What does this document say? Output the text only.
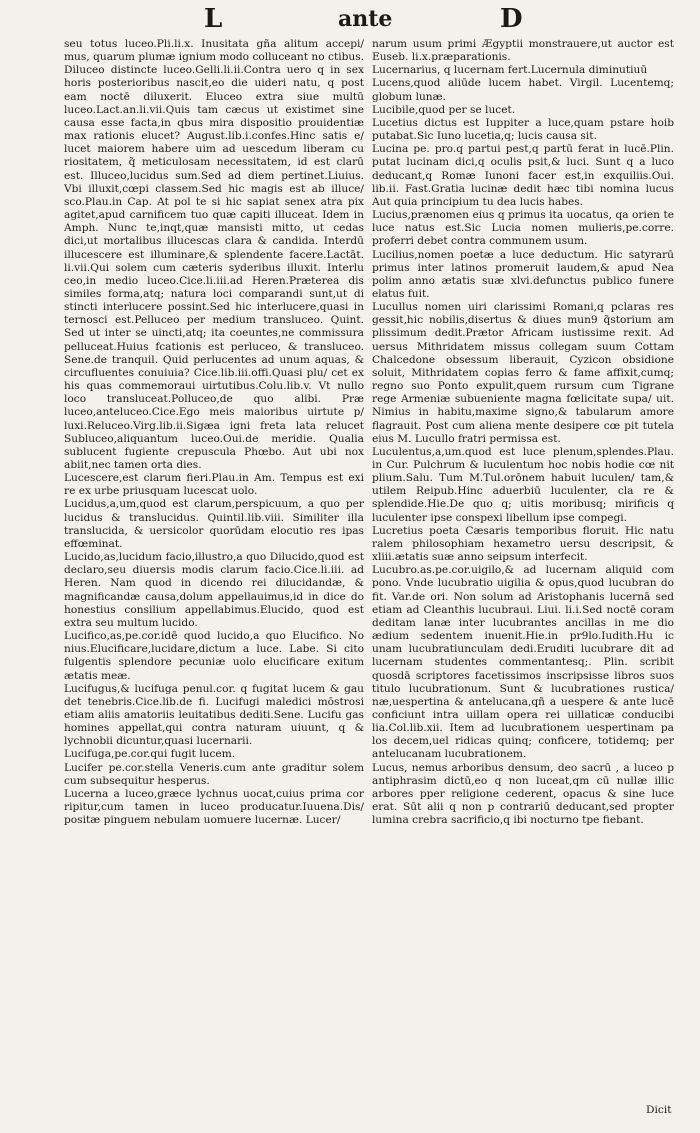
L	ante	D

seu totus luceo.Pli.li.x. Inusitata gña alitum accepi/ mus, quarum plumæ ignium modo colluceant no ctibus. Diluceo distincte luceo.Gelli.li.ii.Contra uero q in sex horis posterioribus nascit,eo die uideri natu, q post eam noctē diluxerit. Eluceo extra siue multū luceo.Lact.an.li.vii.Quis tam cæcus ut existimet sine causa esse facta,in qbus mira dispositio prouidentiæ max rationis elucet? August.lib.i.confes.Hinc satis e/ lucet maiorem habere uim ad uescedum liberam cu riositatem, q̃ meticulosam necessitatem, id est clarū est. Illuceo,lucidus sum.Sed ad diem pertinet.Liuius. Vbi illuxit,cœpi classem.Sed hic magis est ab illuce/ sco.Plau.in Cap. At pol te si hic sapiat senex atra pix agitet,apud carnificem tuo quæ capiti illuceat. Idem in Amph. Nunc te,inqt,quæ mansisti mitto, ut cedas dici,ut mortalibus illucescas clara & candida. Interdū illucescere est illuminare,& splendente facere.Lactāt. li.vii.Qui solem cum cæteris syderibus illuxit. Interlu ceo,in medio luceo.Cice.li.iii.ad Heren.Præterea dis similes forma,atq; natura loci comparandi sunt,ut di stincti interlucere possint.Sed hic interlucere,quasi in ternosci est.Pelluceo per medium transluceo. Quint. Sed ut inter se uincti,atq; ita coeuntes,ne commissura pelluceat.Huius fcationis est perluceo, & transluceo. Sene.de tranquil. Quid perlucentes ad unum aquas, & circufluentes conuiuia? Cice.lib.iii.offi.Quasi plu/ cet ex his quas commemoraui uirtutibus.Colu.lib.v. Vt nullo loco transluceat.Polluceo,de quo alibi. Præ luceo,anteluceo.Cice.Ego meis maioribus uirtute p/ luxi.Reluceo.Virg.lib.ii.Sigæa igni freta lata relucet Subluceo,aliquantum luceo.Oui.de meridie. Qualia sublucent fugiente crepuscula Phœbo. Aut ubi nox abiit,nec tamen orta dies.

Lucescere,est clarum fieri.Plau.in Am. Tempus est exi re ex urbe priusquam lucescat uolo.

Lucidus,a,um,quod est clarum,perspicuum, a quo per lucidus & translucidus. Quintil.lib.viii. Similiter illa translucida, & uersicolor quorūdam elocutio res ipas effœminat.

Lucido,as,lucidum facio,illustro,a quo Dilucido,quod est declaro,seu diuersis modis clarum facio.Cice.li.iii. ad Heren. Nam quod in dicendo rei dilucidandæ, & magnificandæ causa,dolum appellauimus,id in dice do honestius consilium appellabimus.Elucido, quod est extra seu multum lucido.

Lucifico,as,pe.cor.idē quod lucido,a quo Elucifico. No nius.Elucificare,lucidare,dictum a luce. Labe. Si cito fulgentis splendore pecuniæ uolo elucificare exitum ætatis meæ.

Lucifugus,& lucifuga penul.cor. q fugitat lucem & gau det tenebris.Cice.lib.de fi. Lucifugi maledici mōstrosi etiam aliis amatoriis leuitatibus dediti.Sene. Lucifu gas homines appellat,qui contra naturam uiuunt, q & lychnobii dicuntur,quasi lucernarii.

Lucifuga,pe.cor.qui fugit lucem.

Lucifer pe.cor.stella Veneris.cum ante graditur solem cum subsequitur hesperus.

Lucerna a luceo,græce lychnus uocat,cuius prima cor ripitur,cum tamen in luceo producatur.Iuuena.Dis/ positæ pinguem nebulam uomuere lucernæ. Lucer/

narum usum primi Ægyptii monstrauere,ut auctor est Euseb. li.x.præparationis.

Lucernarius, q lucernam fert.Lucernula diminutiuū

Lucens,quod aliūde lucem habet. Virgil. Lucentemq; globum lunæ.

Lucibile,quod per se lucet.

Lucetius dictus est Iuppiter a luce,quam pstare hoib putabat.Sic Iuno lucetia,q; lucis causa sit.

Lucina pe. pro.q partui pest,q partū ferat in lucē.Plin. putat lucinam dici,q oculis psit,& luci. Sunt q a luco deducant,q Romæ Iunoni facer est,in exquiliis.Oui. lib.ii. Fast.Gratia lucinæ dedit hæc tibi nomina lucus Aut quia principium tu dea lucis habes.

Lucius,prænomen eius q primus ita uocatus, qa orien te luce natus est.Sic Lucia nomen mulieris,pe.corre. proferri debet contra communem usum.

Lucilius,nomen poetæ a luce deductum. Hic satyrarū primus inter latinos promeruit laudem,& apud Nea polim anno ætatis suæ xlvi.defunctus publico funere elatus fuit.

Lucullus nomen uiri clarissimi Romani,q pclaras res gessit,hic nobilis,disertus & diues mun9 q̃storium am plissimum dedit.Prætor Africam iustissime rexit. Ad uersus Mithridatem missus collegam suum Cottam Chalcedone obsessum liberauit, Cyzicon obsidione soluit, Mithridatem copias ferro & fame affixit,cumq; regno suo Ponto expulit,quem rursum cum Tigrane rege Armeniæ subueniente magna fœlicitate supa/ uit. Nimius in habitu,maxime signo,& tabularum amore flagrauit. Post cum aliena mente desipere cœ pit tutela eius M. Lucullo fratri permissa est.

Luculentus,a,um.quod est luce plenum,splendes.Plau. in Cur. Pulchrum & luculentum hoc nobis hodie cœ nit plium.Salu. Tum M.Tul.orōnem habuit luculen/ tam,& utilem Reipub.Hinc aduerbiū luculenter, cla re & splendide.Hie.De quo q; uitis moribusq; mirificis q luculenter ipse conspexi libellum ipse compegi.

Lucretius poeta Cæsaris temporibus floruit. Hic natu ralem philosophiam hexametro uersu descripsit, & xliii.ætatis suæ anno seipsum interfecit.

Lucubro.as.pe.cor.uigilo,& ad lucernam aliquid com pono. Vnde lucubratio uigilia & opus,quod lucubran do fit. Var.de ori. Non solum ad Aristophanis lucernā sed etiam ad Cleanthis lucubraui. Liui. li.i.Sed noctē coram deditam lanæ inter lucubrantes ancillas in me dio ædium sedentem inuenit.Hie.in pr9lo.Iudith.Hu ic unam lucubratiunculam dedi.Eruditi lucubrare dit ad lucernam studentes commentantesq;. Plin. scribit quosdā scriptores facetissimos inscripsisse libros suos titulo lucubrationum. Sunt & lucubrationes rustica/ næ,uespertina & antelucana,qñ a uespere & ante lucē conficiunt intra uillam opera rei uillaticæ conducibi lia.Col.lib.xii. Item ad lucubrationem uespertinam pa los decem,uel ridicas quinq; conficere, totidemq; per antelucanam lucubrationem.

Lucus, nemus arboribus densum, deo sacrū , a luceo p antiphrasim dictū,eo q non luceat,qm cū nullæ illic arbores pper religione cederent, opacus & sine luce erat. Sūt alii q non p contrariū deducant,sed propter lumina crebra sacrificio,q ibi nocturno tpe fiebant.

Dicit
